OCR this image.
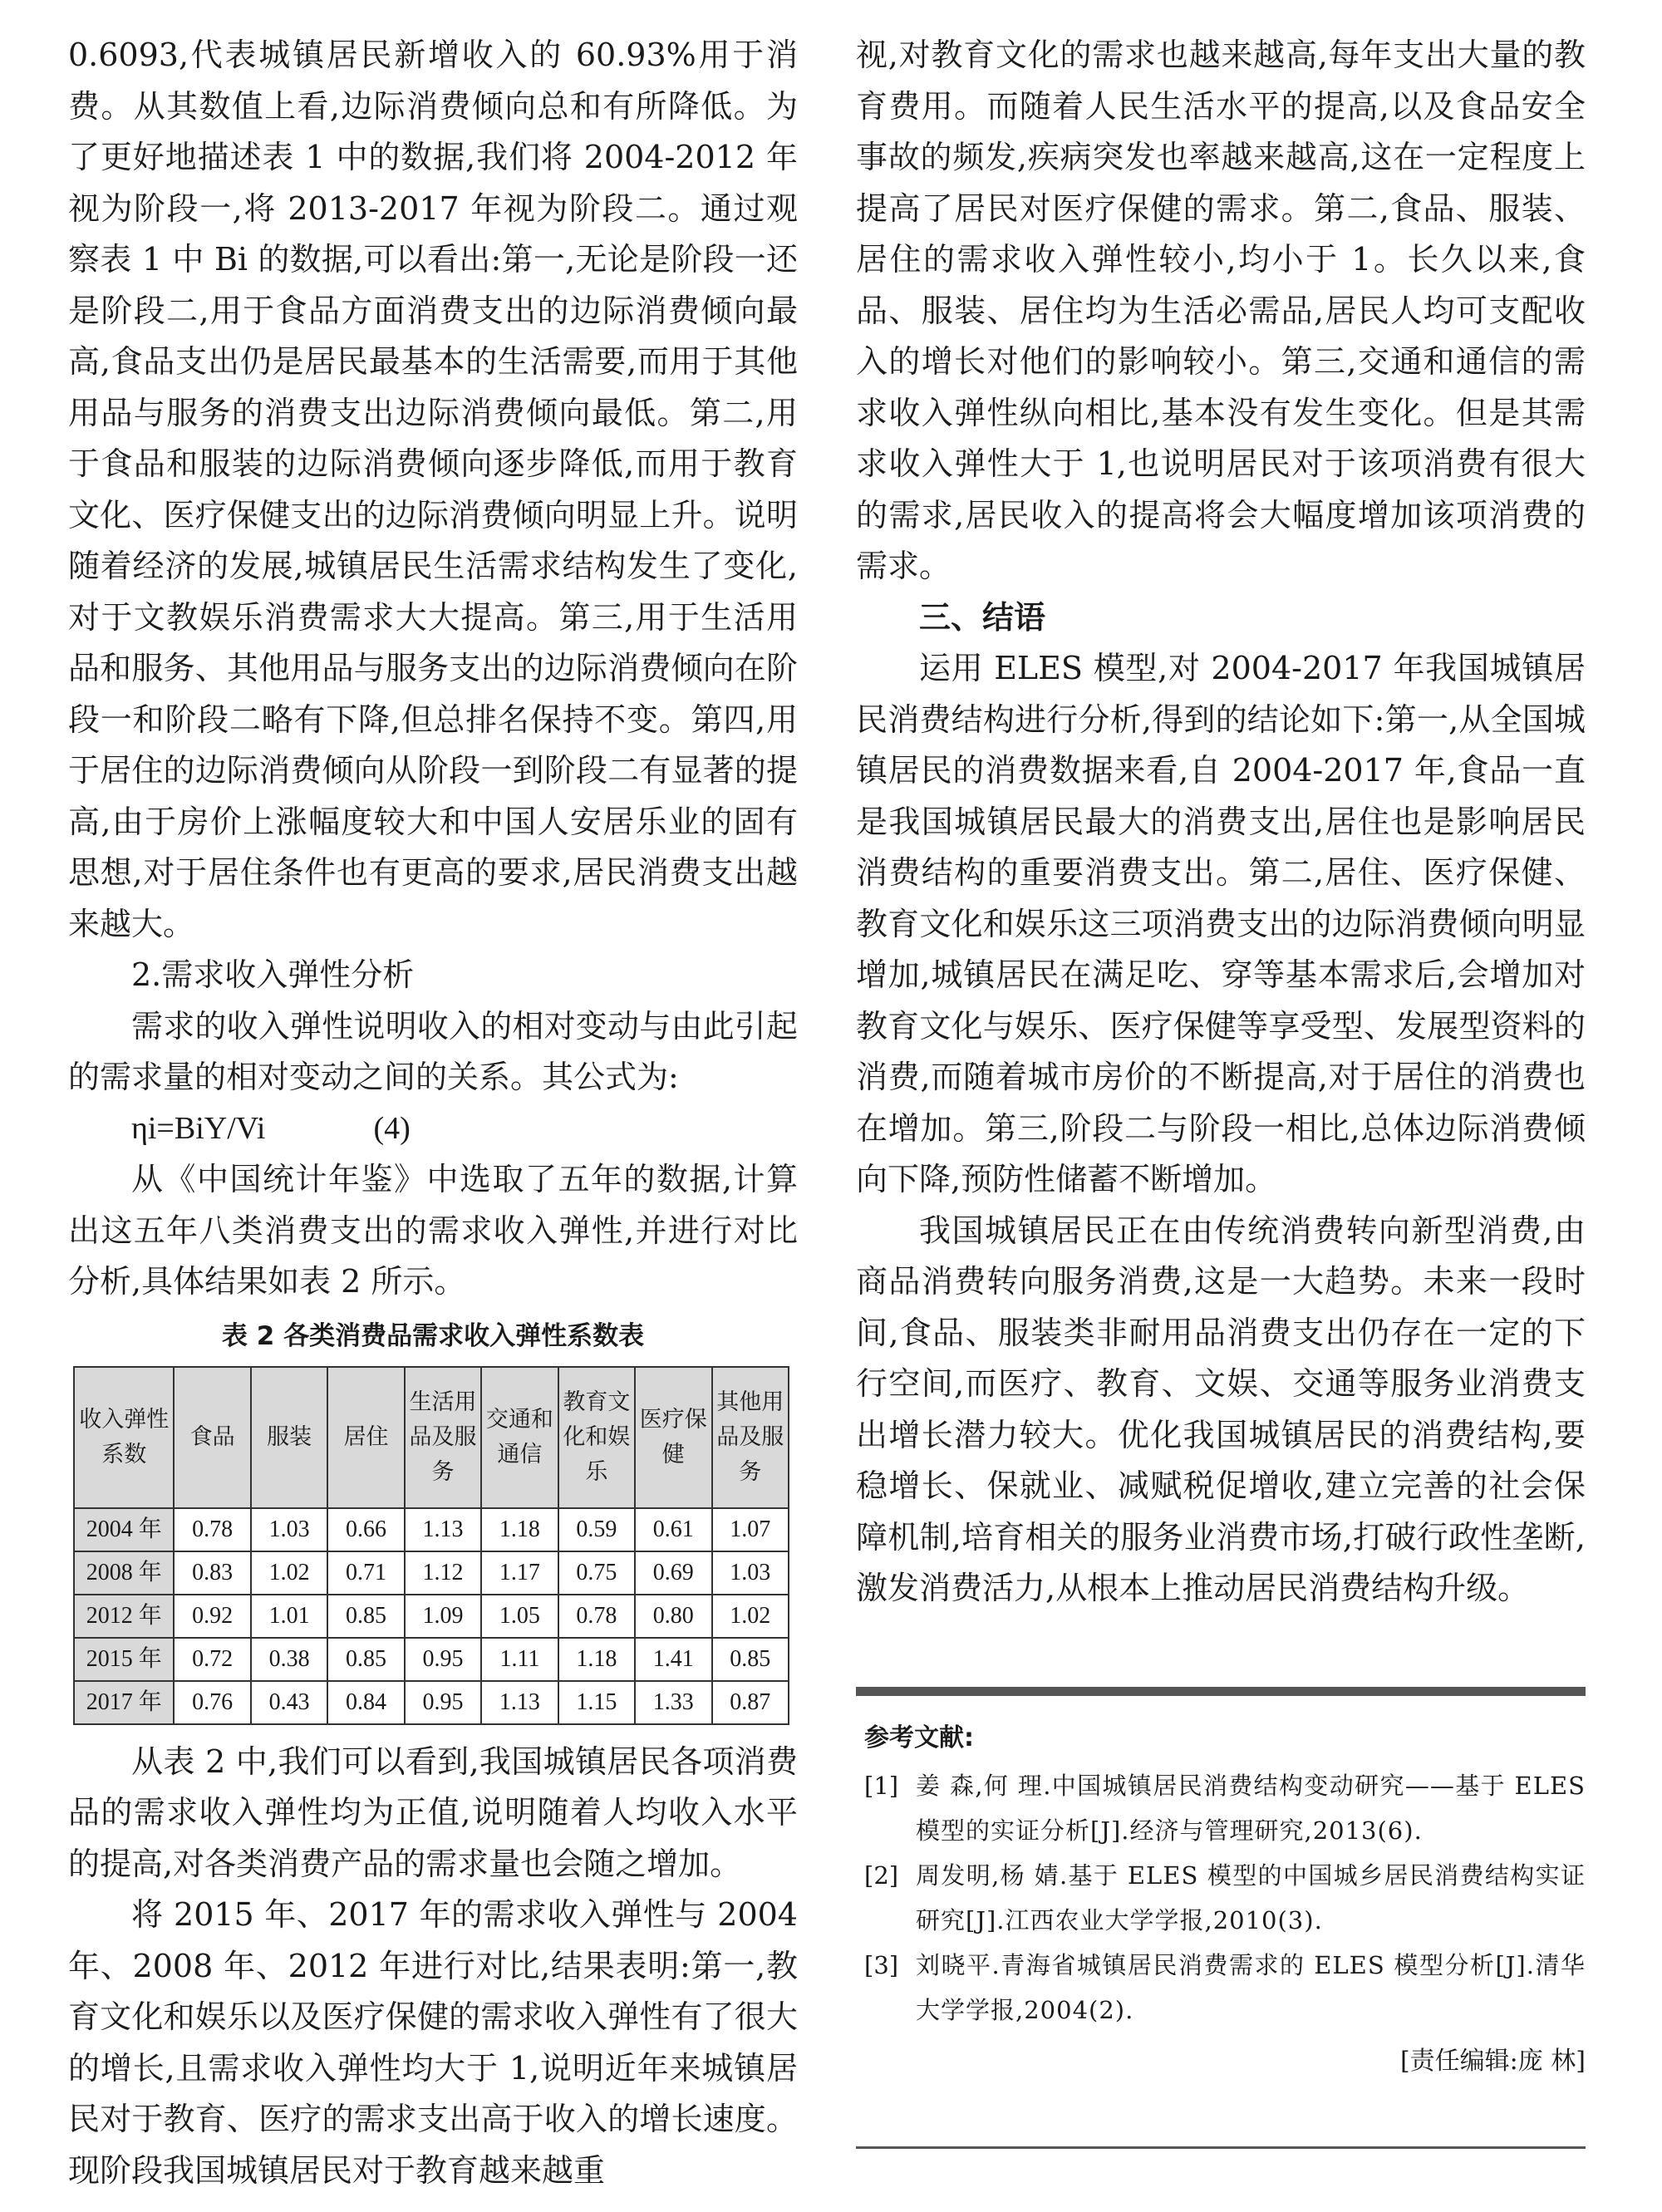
0.6093,代表城镇居民新增收入的 60.93%用于消费。从其数值上看,边际消费倾向总和有所降低。为了更好地描述表 1 中的数据,我们将 2004-2012 年视为阶段一,将 2013-2017 年视为阶段二。通过观察表 1 中 Bi 的数据,可以看出:第一,无论是阶段一还是阶段二,用于食品方面消费支出的边际消费倾向最高,食品支出仍是居民最基本的生活需要,而用于其他用品与服务的消费支出边际消费倾向最低。第二,用于食品和服装的边际消费倾向逐步降低,而用于教育文化、医疗保健支出的边际消费倾向明显上升。说明随着经济的发展,城镇居民生活需求结构发生了变化,对于文教娱乐消费需求大大提高。第三,用于生活用品和服务、其他用品与服务支出的边际消费倾向在阶段一和阶段二略有下降,但总排名保持不变。第四,用于居住的边际消费倾向从阶段一到阶段二有显著的提高,由于房价上涨幅度较大和中国人安居乐业的固有思想,对于居住条件也有更高的要求,居民消费支出越来越大。

2.需求收入弹性分析

需求的收入弹性说明收入的相对变动与由此引起的需求量的相对变动之间的关系。其公式为:

ηi=BiY/Vi	(4)

从《中国统计年鉴》中选取了五年的数据,计算出这五年八类消费支出的需求收入弹性,并进行对比分析,具体结果如表 2 所示。

表 2 各类消费品需求收入弹性系数表
收入弹性系数	食品	服装	居住	生活用品及服务	交通和通信	教育文化和娱乐	医疗保健	其他用品及服务
2004 年	0.78	1.03	0.66	1.13	1.18	0.59	0.61	1.07
2008 年	0.83	1.02	0.71	1.12	1.17	0.75	0.69	1.03
2012 年	0.92	1.01	0.85	1.09	1.05	0.78	0.80	1.02
2015 年	0.72	0.38	0.85	0.95	1.11	1.18	1.41	0.85
2017 年	0.76	0.43	0.84	0.95	1.13	1.15	1.33	0.87

从表 2 中,我们可以看到,我国城镇居民各项消费品的需求收入弹性均为正值,说明随着人均收入水平的提高,对各类消费产品的需求量也会随之增加。

将 2015 年、2017 年的需求收入弹性与 2004 年、2008 年、2012 年进行对比,结果表明:第一,教育文化和娱乐以及医疗保健的需求收入弹性有了很大的增长,且需求收入弹性均大于 1,说明近年来城镇居民对于教育、医疗的需求支出高于收入的增长速度。现阶段我国城镇居民对于教育越来越重

视,对教育文化的需求也越来越高,每年支出大量的教育费用。而随着人民生活水平的提高,以及食品安全事故的频发,疾病突发也率越来越高,这在一定程度上提高了居民对医疗保健的需求。第二,食品、服装、居住的需求收入弹性较小,均小于 1。长久以来,食品、服装、居住均为生活必需品,居民人均可支配收入的增长对他们的影响较小。第三,交通和通信的需求收入弹性纵向相比,基本没有发生变化。但是其需求收入弹性大于 1,也说明居民对于该项消费有很大的需求,居民收入的提高将会大幅度增加该项消费的需求。

三、结语

运用 ELES 模型,对 2004-2017 年我国城镇居民消费结构进行分析,得到的结论如下:第一,从全国城镇居民的消费数据来看,自 2004-2017 年,食品一直是我国城镇居民最大的消费支出,居住也是影响居民消费结构的重要消费支出。第二,居住、医疗保健、教育文化和娱乐这三项消费支出的边际消费倾向明显增加,城镇居民在满足吃、穿等基本需求后,会增加对教育文化与娱乐、医疗保健等享受型、发展型资料的消费,而随着城市房价的不断提高,对于居住的消费也在增加。第三,阶段二与阶段一相比,总体边际消费倾向下降,预防性储蓄不断增加。

我国城镇居民正在由传统消费转向新型消费,由商品消费转向服务消费,这是一大趋势。未来一段时间,食品、服装类非耐用品消费支出仍存在一定的下行空间,而医疗、教育、文娱、交通等服务业消费支出增长潜力较大。优化我国城镇居民的消费结构,要稳增长、保就业、减赋税促增收,建立完善的社会保障机制,培育相关的服务业消费市场,打破行政性垄断,激发消费活力,从根本上推动居民消费结构升级。

参考文献:

[1] 姜 森,何 理.中国城镇居民消费结构变动研究——基于 ELES 模型的实证分析[J].经济与管理研究,2013(6).
[2] 周发明,杨 婧.基于 ELES 模型的中国城乡居民消费结构实证研究[J].江西农业大学学报,2010(3).
[3] 刘晓平.青海省城镇居民消费需求的 ELES 模型分析[J].清华大学学报,2004(2).
[责任编辑:庞 林]
